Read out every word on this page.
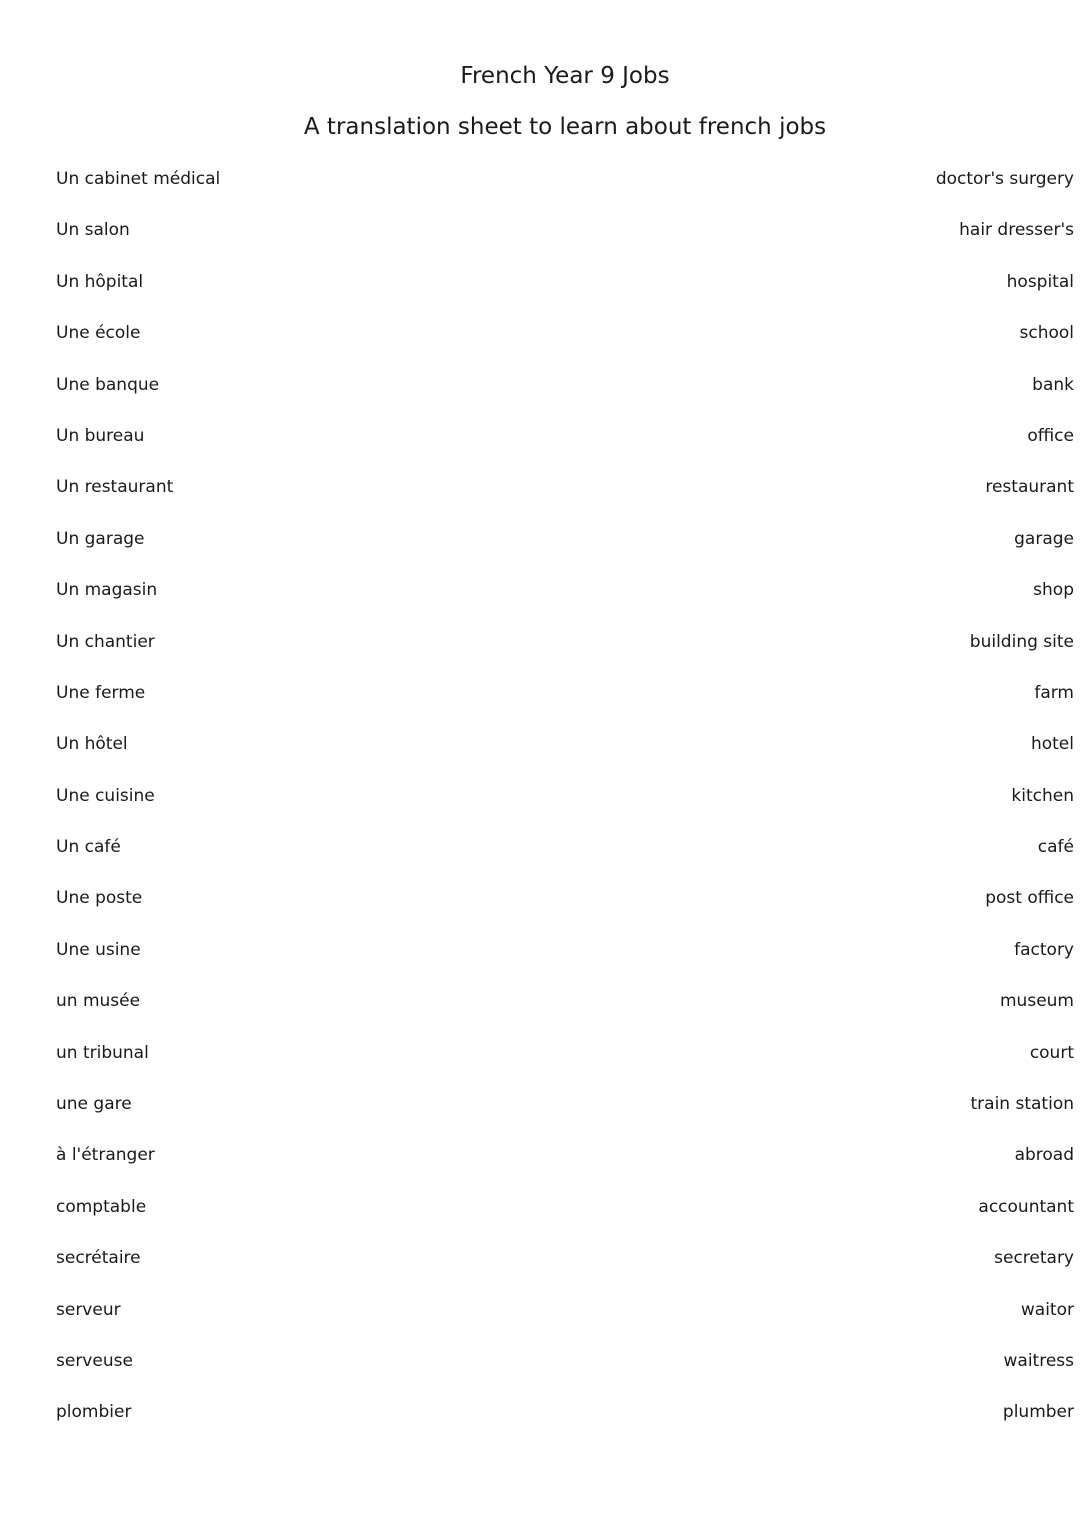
French Year 9 Jobs
A translation sheet to learn about french jobs
Un cabinet médical	doctor's surgery
Un salon	hair dresser's
Un hôpital	hospital
Une école	school
Une banque	bank
Un bureau	office
Un restaurant	restaurant
Un garage	garage
Un magasin	shop
Un chantier	building site
Une ferme	farm
Un hôtel	hotel
Une cuisine	kitchen
Un café	café
Une poste	post office
Une usine	factory
un musée	museum
un tribunal	court
une gare	train station
à l'étranger	abroad
comptable	accountant
secrétaire	secretary
serveur	waitor
serveuse	waitress
plombier	plumber
